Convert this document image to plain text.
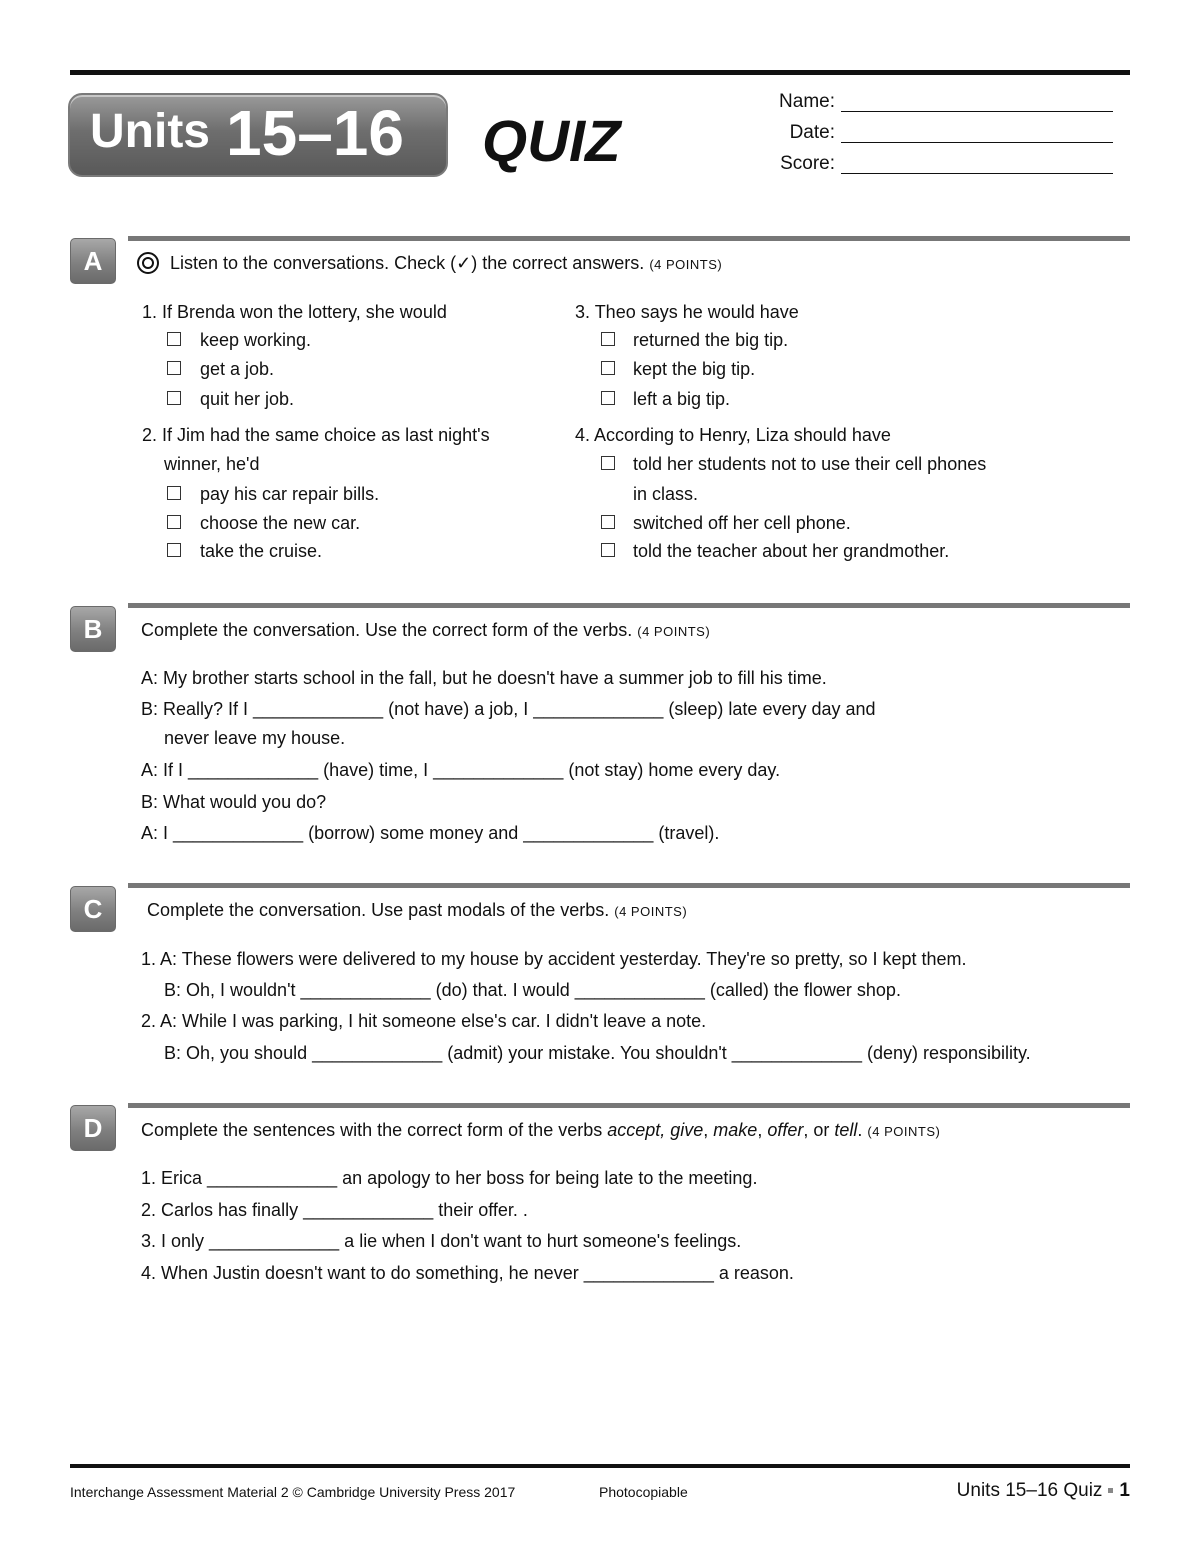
Units 15–16 QUIZ
Name:
Date:
Score:
A	Listen to the conversations. Check (✓) the correct answers. (4 POINTS)
1. If Brenda won the lottery, she would
keep working.
get a job.
quit her job.
2. If Jim had the same choice as last night's
winner, he'd
pay his car repair bills.
choose the new car.
take the cruise.
3. Theo says he would have
returned the big tip.
kept the big tip.
left a big tip.
4. According to Henry, Liza should have
told her students not to use their cell phones
in class.
switched off her cell phone.
told the teacher about her grandmother.
B	Complete the conversation. Use the correct form of the verbs. (4 POINTS)
A: My brother starts school in the fall, but he doesn't have a summer job to fill his time.
B: Really? If I _____________ (not have) a job, I _____________ (sleep) late every day and
never leave my house.
A: If I _____________ (have) time, I _____________ (not stay) home every day.
B: What would you do?
A: I _____________ (borrow) some money and _____________ (travel).
C	Complete the conversation. Use past modals of the verbs. (4 POINTS)
1. A: These flowers were delivered to my house by accident yesterday. They're so pretty, so I kept them.
B: Oh, I wouldn't _____________ (do) that. I would _____________ (called) the flower shop.
2. A: While I was parking, I hit someone else's car. I didn't leave a note.
B: Oh, you should _____________ (admit) your mistake. You shouldn't _____________ (deny) responsibility.
D	Complete the sentences with the correct form of the verbs accept, give, make, offer, or tell. (4 POINTS)
1. Erica _____________ an apology to her boss for being late to the meeting.
2. Carlos has finally _____________ their offer. .
3. I only _____________ a lie when I don't want to hurt someone's feelings.
4. When Justin doesn't want to do something, he never _____________ a reason.
Interchange Assessment Material 2 © Cambridge University Press 2017	Photocopiable	Units 15–16 Quiz 1
